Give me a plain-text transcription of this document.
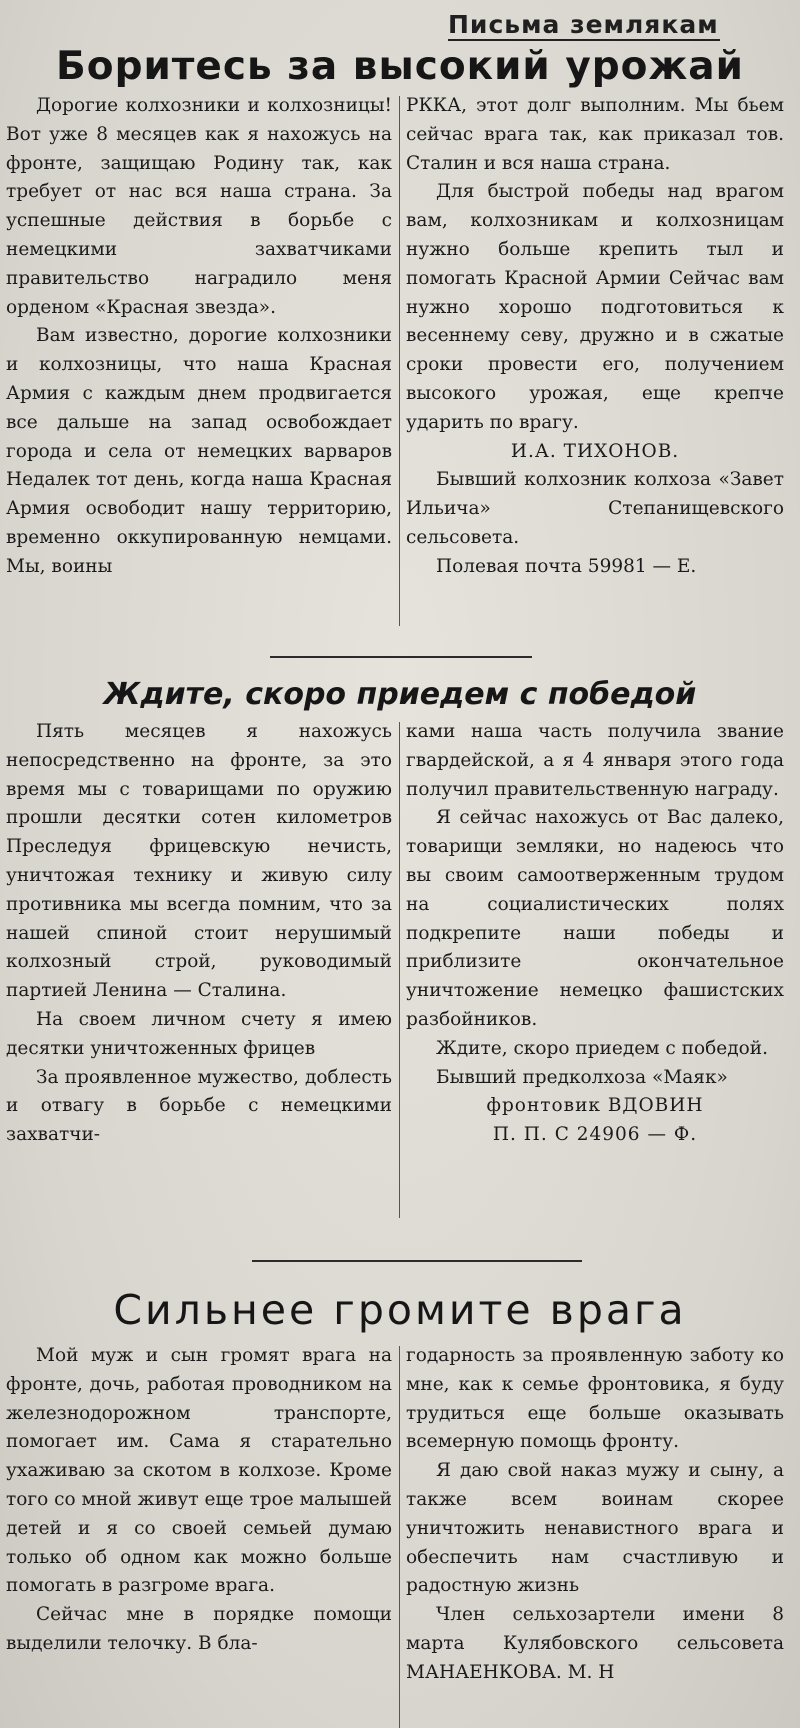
Письма землякам
Боритесь за высокий урожай

Дорогие колхозники и колхозницы! Вот уже 8 месяцев как я нахожусь на фронте, защищаю Родину так, как требует от нас вся наша страна. За успешные действия в борьбе с немецкими захватчиками правительство наградило меня орденом «Красная звезда».

Вам известно, дорогие колхозники и колхозницы, что наша Красная Армия с каждым днем продвигается все дальше на запад освобождает города и села от немецких варваров Недалек тот день, когда наша Красная Армия освободит нашу территорию, временно оккупированную немцами. Мы, воины

РККА, этот долг выполним. Мы бьем сейчас врага так, как приказал тов. Сталин и вся наша страна.

Для быстрой победы над врагом вам, колхозникам и колхозницам нужно больше крепить тыл и помогать Красной Армии Сейчас вам нужно хорошо подготовиться к весеннему севу, дружно и в сжатые сроки провести его, получением высокого урожая, еще крепче ударить по врагу.

И.А. ТИХОНОВ.

Бывший колхозник колхоза «Завет Ильича» Степанищевского сельсовета.

Полевая почта 59981 — Е.

Ждите, скоро приедем с победой

Пять месяцев я нахожусь непосредственно на фронте, за это время мы с товарищами по оружию прошли десятки сотен километров Преследуя фрицевскую нечисть, уничтожая технику и живую силу противника мы всегда помним, что за нашей спиной стоит нерушимый колхозный строй, руководимый партией Ленина — Сталина.

На своем личном счету я имею десятки уничтоженных фрицев

За проявленное мужество, доблесть и отвагу в борьбе с немецкими захватчи-

ками наша часть получила звание гвардейской, а я 4 января этого года получил правительственную награду.

Я сейчас нахожусь от Вас далеко, товарищи земляки, но надеюсь что вы своим самоотверженным трудом на социалистических полях подкрепите наши победы и приблизите окончательное уничтожение немецко фашистских разбойников.

Ждите, скоро приедем с победой.

Бывший предколхоза «Маяк»

фронтовик ВДОВИН

П. П. С 24906 — Ф.

Сильнее громите врага

Мой муж и сын громят врага на фронте, дочь, работая проводником на железнодорожном транспорте, помогает им. Сама я старательно ухаживаю за скотом в колхозе. Кроме того со мной живут еще трое малышей детей и я со своей семьей думаю только об одном как можно больше помогать в разгроме врага.

Сейчас мне в порядке помощи выделили телочку. В бла-

годарность за проявленную заботу ко мне, как к семье фронтовика, я буду трудиться еще больше оказывать всемерную помощь фронту.

Я даю свой наказ мужу и сыну, а также всем воинам скорее уничтожить ненавистного врага и обеспечить нам счастливую и радостную жизнь

Член сельхозартели имени 8 марта Кулябовского сельсовета МАНАЕНКОВА. М. Н
